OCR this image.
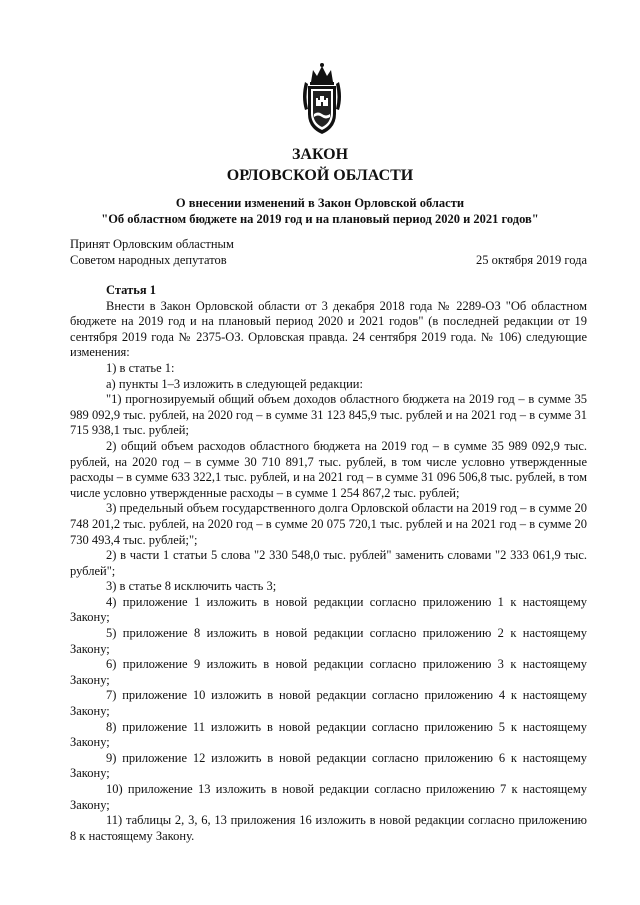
ЗАКОН
ОРЛОВСКОЙ ОБЛАСТИ
О внесении изменений в Закон Орловской области
"Об областном бюджете на 2019 год и на плановый период 2020 и 2021 годов"
Принят Орловским областным
Советом народных депутатов	25 октября 2019 года

Статья 1

Внести в Закон Орловской области от 3 декабря 2018 года № 2289-ОЗ "Об областном бюджете на 2019 год и на плановый период 2020 и 2021 годов" (в последней редакции от 19 сентября 2019 года № 2375-ОЗ. Орловская правда. 24 сентября 2019 года. № 106) следующие изменения:

1) в статье 1:

а) пункты 1–3 изложить в следующей редакции:

"1) прогнозируемый общий объем доходов областного бюджета на 2019 год – в сумме 35 989 092,9 тыс. рублей, на 2020 год – в сумме 31 123 845,9 тыс. рублей и на 2021 год – в сумме 31 715 938,1 тыс. рублей;

2) общий объем расходов областного бюджета на 2019 год – в сумме 35 989 092,9 тыс. рублей, на 2020 год – в сумме 30 710 891,7 тыс. рублей, в том числе условно утвержденные расходы – в сумме 633 322,1 тыс. рублей, и на 2021 год – в сумме 31 096 506,8 тыс. рублей, в том числе условно утвержденные расходы – в сумме 1 254 867,2 тыс. рублей;

3) предельный объем государственного долга Орловской области на 2019 год – в сумме 20 748 201,2 тыс. рублей, на 2020 год – в сумме 20 075 720,1 тыс. рублей и на 2021 год – в сумме 20 730 493,4 тыс. рублей;";

2) в части 1 статьи 5 слова "2 330 548,0 тыс. рублей" заменить словами "2 333 061,9 тыс. рублей";

3) в статье 8 исключить часть 3;

4) приложение 1 изложить в новой редакции согласно приложению 1 к настоящему Закону;

5) приложение 8 изложить в новой редакции согласно приложению 2 к настоящему Закону;

6) приложение 9 изложить в новой редакции согласно приложению 3 к настоящему Закону;

7) приложение 10 изложить в новой редакции согласно приложению 4 к настоящему Закону;

8) приложение 11 изложить в новой редакции согласно приложению 5 к настоящему Закону;

9) приложение 12 изложить в новой редакции согласно приложению 6 к настоящему Закону;

10) приложение 13 изложить в новой редакции согласно приложению 7 к настоящему Закону;

11) таблицы 2, 3, 6, 13 приложения 16 изложить в новой редакции согласно приложению 8 к настоящему Закону.
